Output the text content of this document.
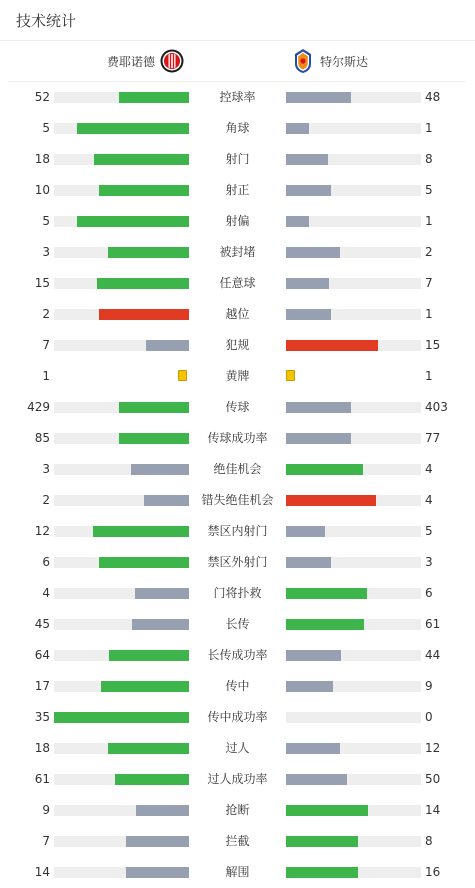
技术统计
费耶诺德	特尔斯达
52	控球率	48
5	角球	1
18	射门	8
10	射正	5
5	射偏	1
3	被封堵	2
15	任意球	7
2	越位	1
7	犯规	15
1	黄牌	1
429	传球	403
85	传球成功率	77
3	绝佳机会	4
2	错失绝佳机会	4
12	禁区内射门	5
6	禁区外射门	3
4	门将扑救	6
45	长传	61
64	长传成功率	44
17	传中	9
35	传中成功率	0
18	过人	12
61	过人成功率	50
9	抢断	14
7	拦截	8
14	解围	16
